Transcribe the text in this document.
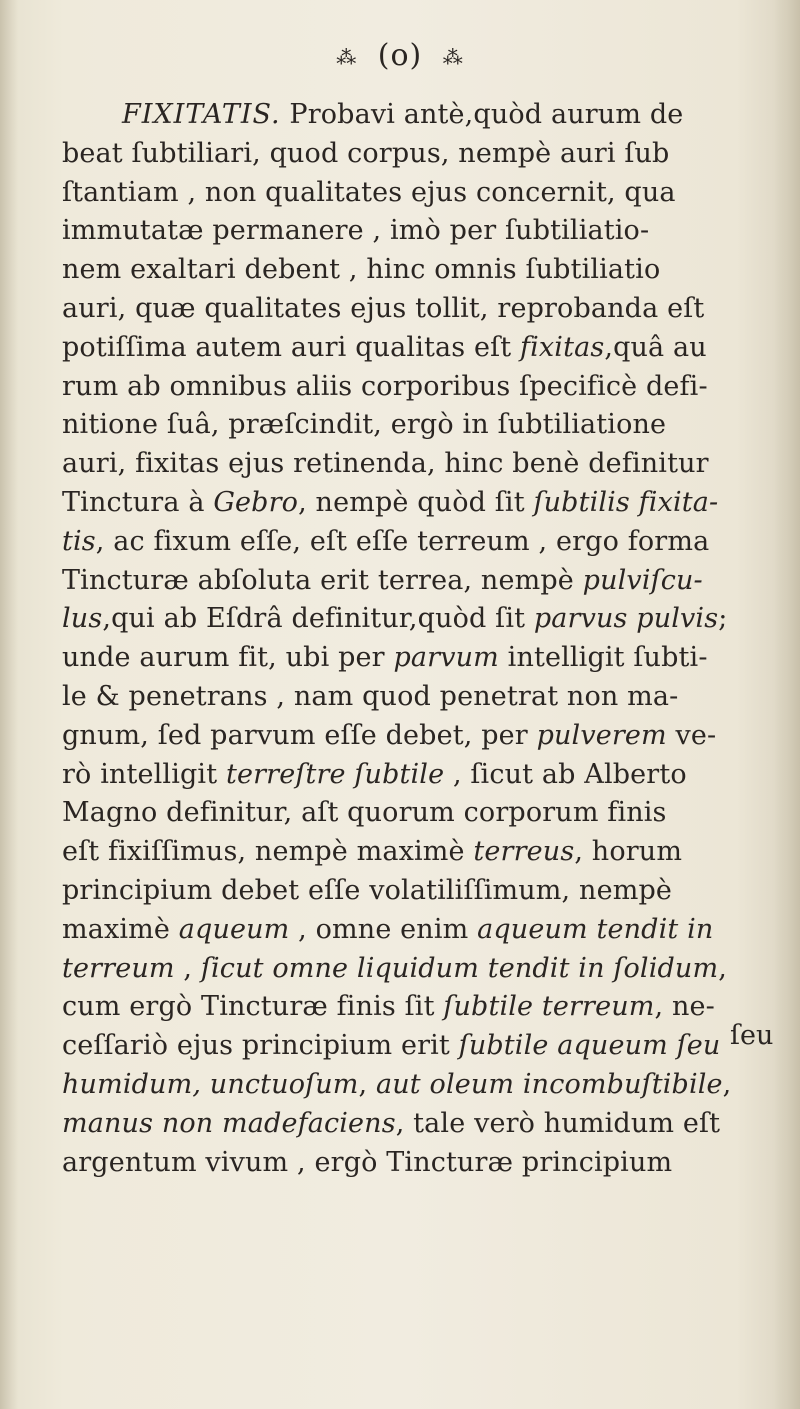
⁂ (o) ⁂
FIXITATIS. Probavi antè,quòd aurum de
beat ſubtiliari, quod corpus, nempè auri ſub
ſtantiam , non qualitates ejus concernit, qua
immutatæ permanere , imò per ſubtiliatio-
nem exaltari debent , hinc omnis ſubtiliatio
auri, quæ qualitates ejus tollit, reprobanda eſt
potiſſima autem auri qualitas eſt fixitas,quâ au
rum ab omnibus aliis corporibus ſpecificè defi-
nitione ſuâ, præſcindit, ergò in ſubtiliatione
auri, fixitas ejus retinenda, hinc benè definitur
Tinctura à Gebro, nempè quòd ſit ſubtilis fixita-
tis, ac fixum eſſe, eſt eſſe terreum , ergo forma
Tincturæ abſoluta erit terrea, nempè pulviſcu-
lus,qui ab Eſdrâ definitur,quòd ſit parvus pulvis;
unde aurum fit, ubi per parvum intelligit ſubti-
le & penetrans , nam quod penetrat non ma-
gnum, ſed parvum eſſe debet, per pulverem ve-
rò intelligit terreſtre ſubtile , ſicut ab Alberto
Magno definitur, aſt quorum corporum finis
eſt fixiſſimus, nempè maximè terreus, horum
principium debet eſſe volatiliſſimum, nempè
maximè aqueum , omne enim aqueum tendit in
terreum , ſicut omne liquidum tendit in ſolidum,
cum ergò Tincturæ finis ſit ſubtile terreum, ne-
ceſſariò ejus principium erit ſubtile aqueum ſeu
humidum, unctuoſum, aut oleum incombuſtibile,
manus non madefaciens, tale verò humidum eſt
argentum vivum , ergò Tincturæ principium
ſeu
